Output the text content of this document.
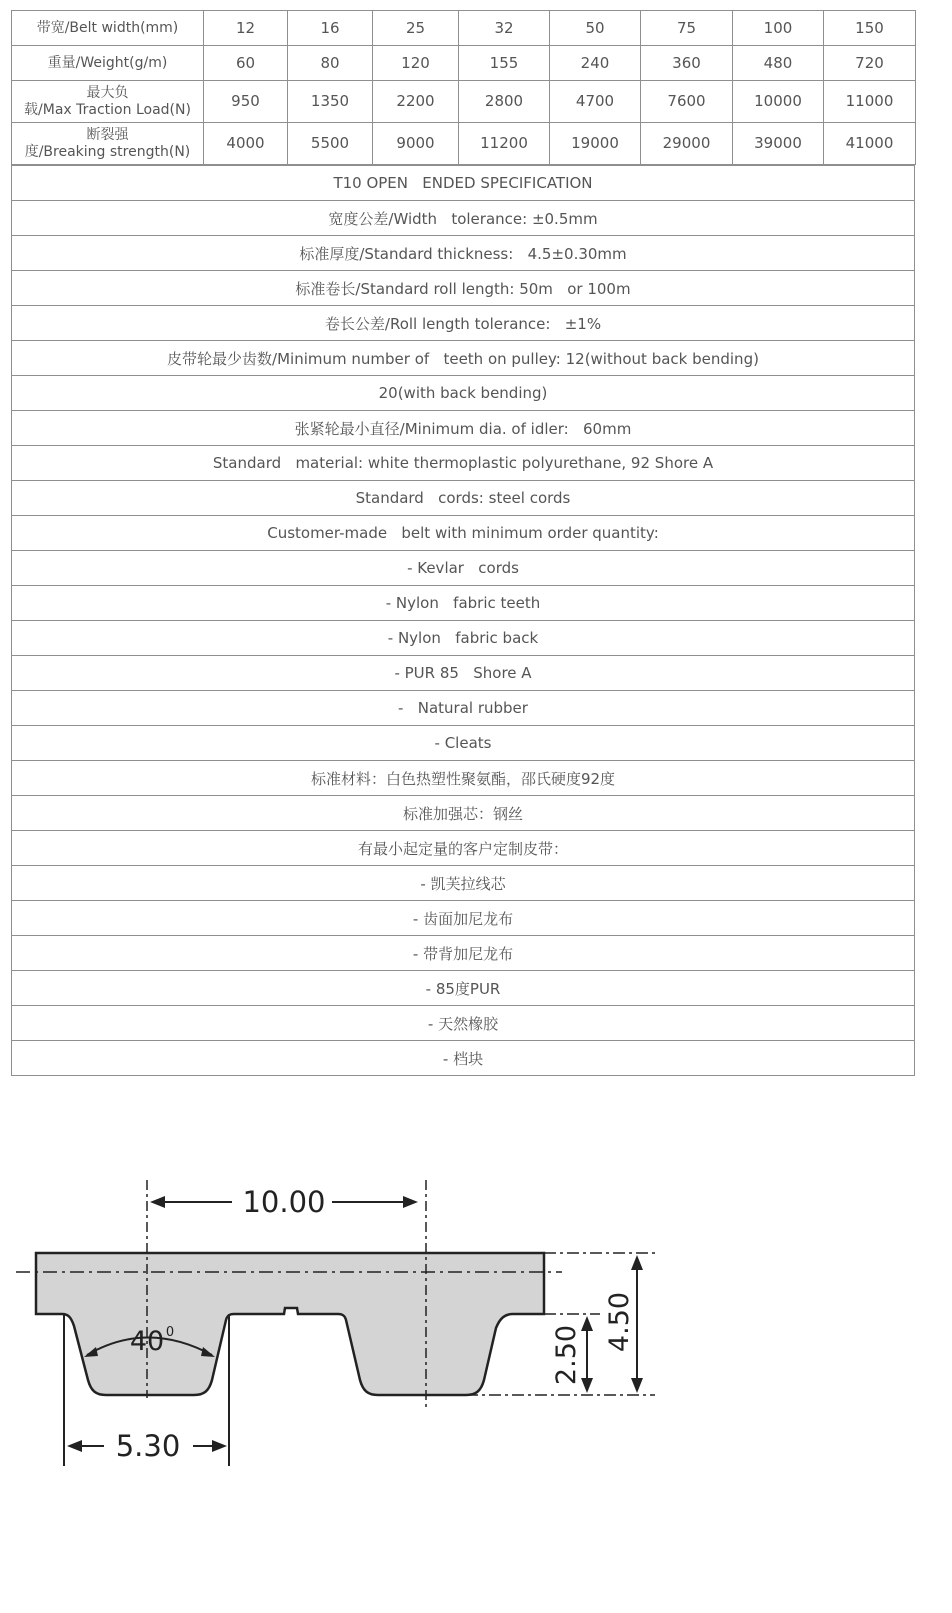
带宽/Belt width(mm)	12	16	25	32	50	75	100	150
重量/Weight(g/m)	60	80	120	155	240	360	480	720
最大负
载/Max Traction Load(N)	950	1350	2200	2800	4700	7600	10000	11000
断裂强
度/Breaking strength(N)	4000	5500	9000	11200	19000	29000	39000	41000
T10 OPEN   ENDED SPECIFICATION
宽度公差/Width   tolerance: ±0.5mm
标准厚度/Standard thickness:   4.5±0.30mm
标准卷长/Standard roll length: 50m   or 100m
卷长公差/Roll length tolerance:   ±1%
皮带轮最少齿数/Minimum number of   teeth on pulley: 12(without back bending)
20(with back bending)
张紧轮最小直径/Minimum dia. of idler:   60mm
Standard   material: white thermoplastic polyurethane, 92 Shore A
Standard   cords: steel cords
Customer-made   belt with minimum order quantity:
- Kevlar   cords
- Nylon   fabric teeth
- Nylon   fabric back
- PUR 85   Shore A
-   Natural rubber
- Cleats
标准材料：白色热塑性聚氨酯，邵氏硬度92度
标准加强芯：钢丝
有最小起定量的客户定制皮带：
- 凯芙拉线芯
- 齿面加尼龙布
- 带背加尼龙布
- 85度PUR
- 天然橡胶
- 档块
10.00
40 0
5.30
2.50
4.50
